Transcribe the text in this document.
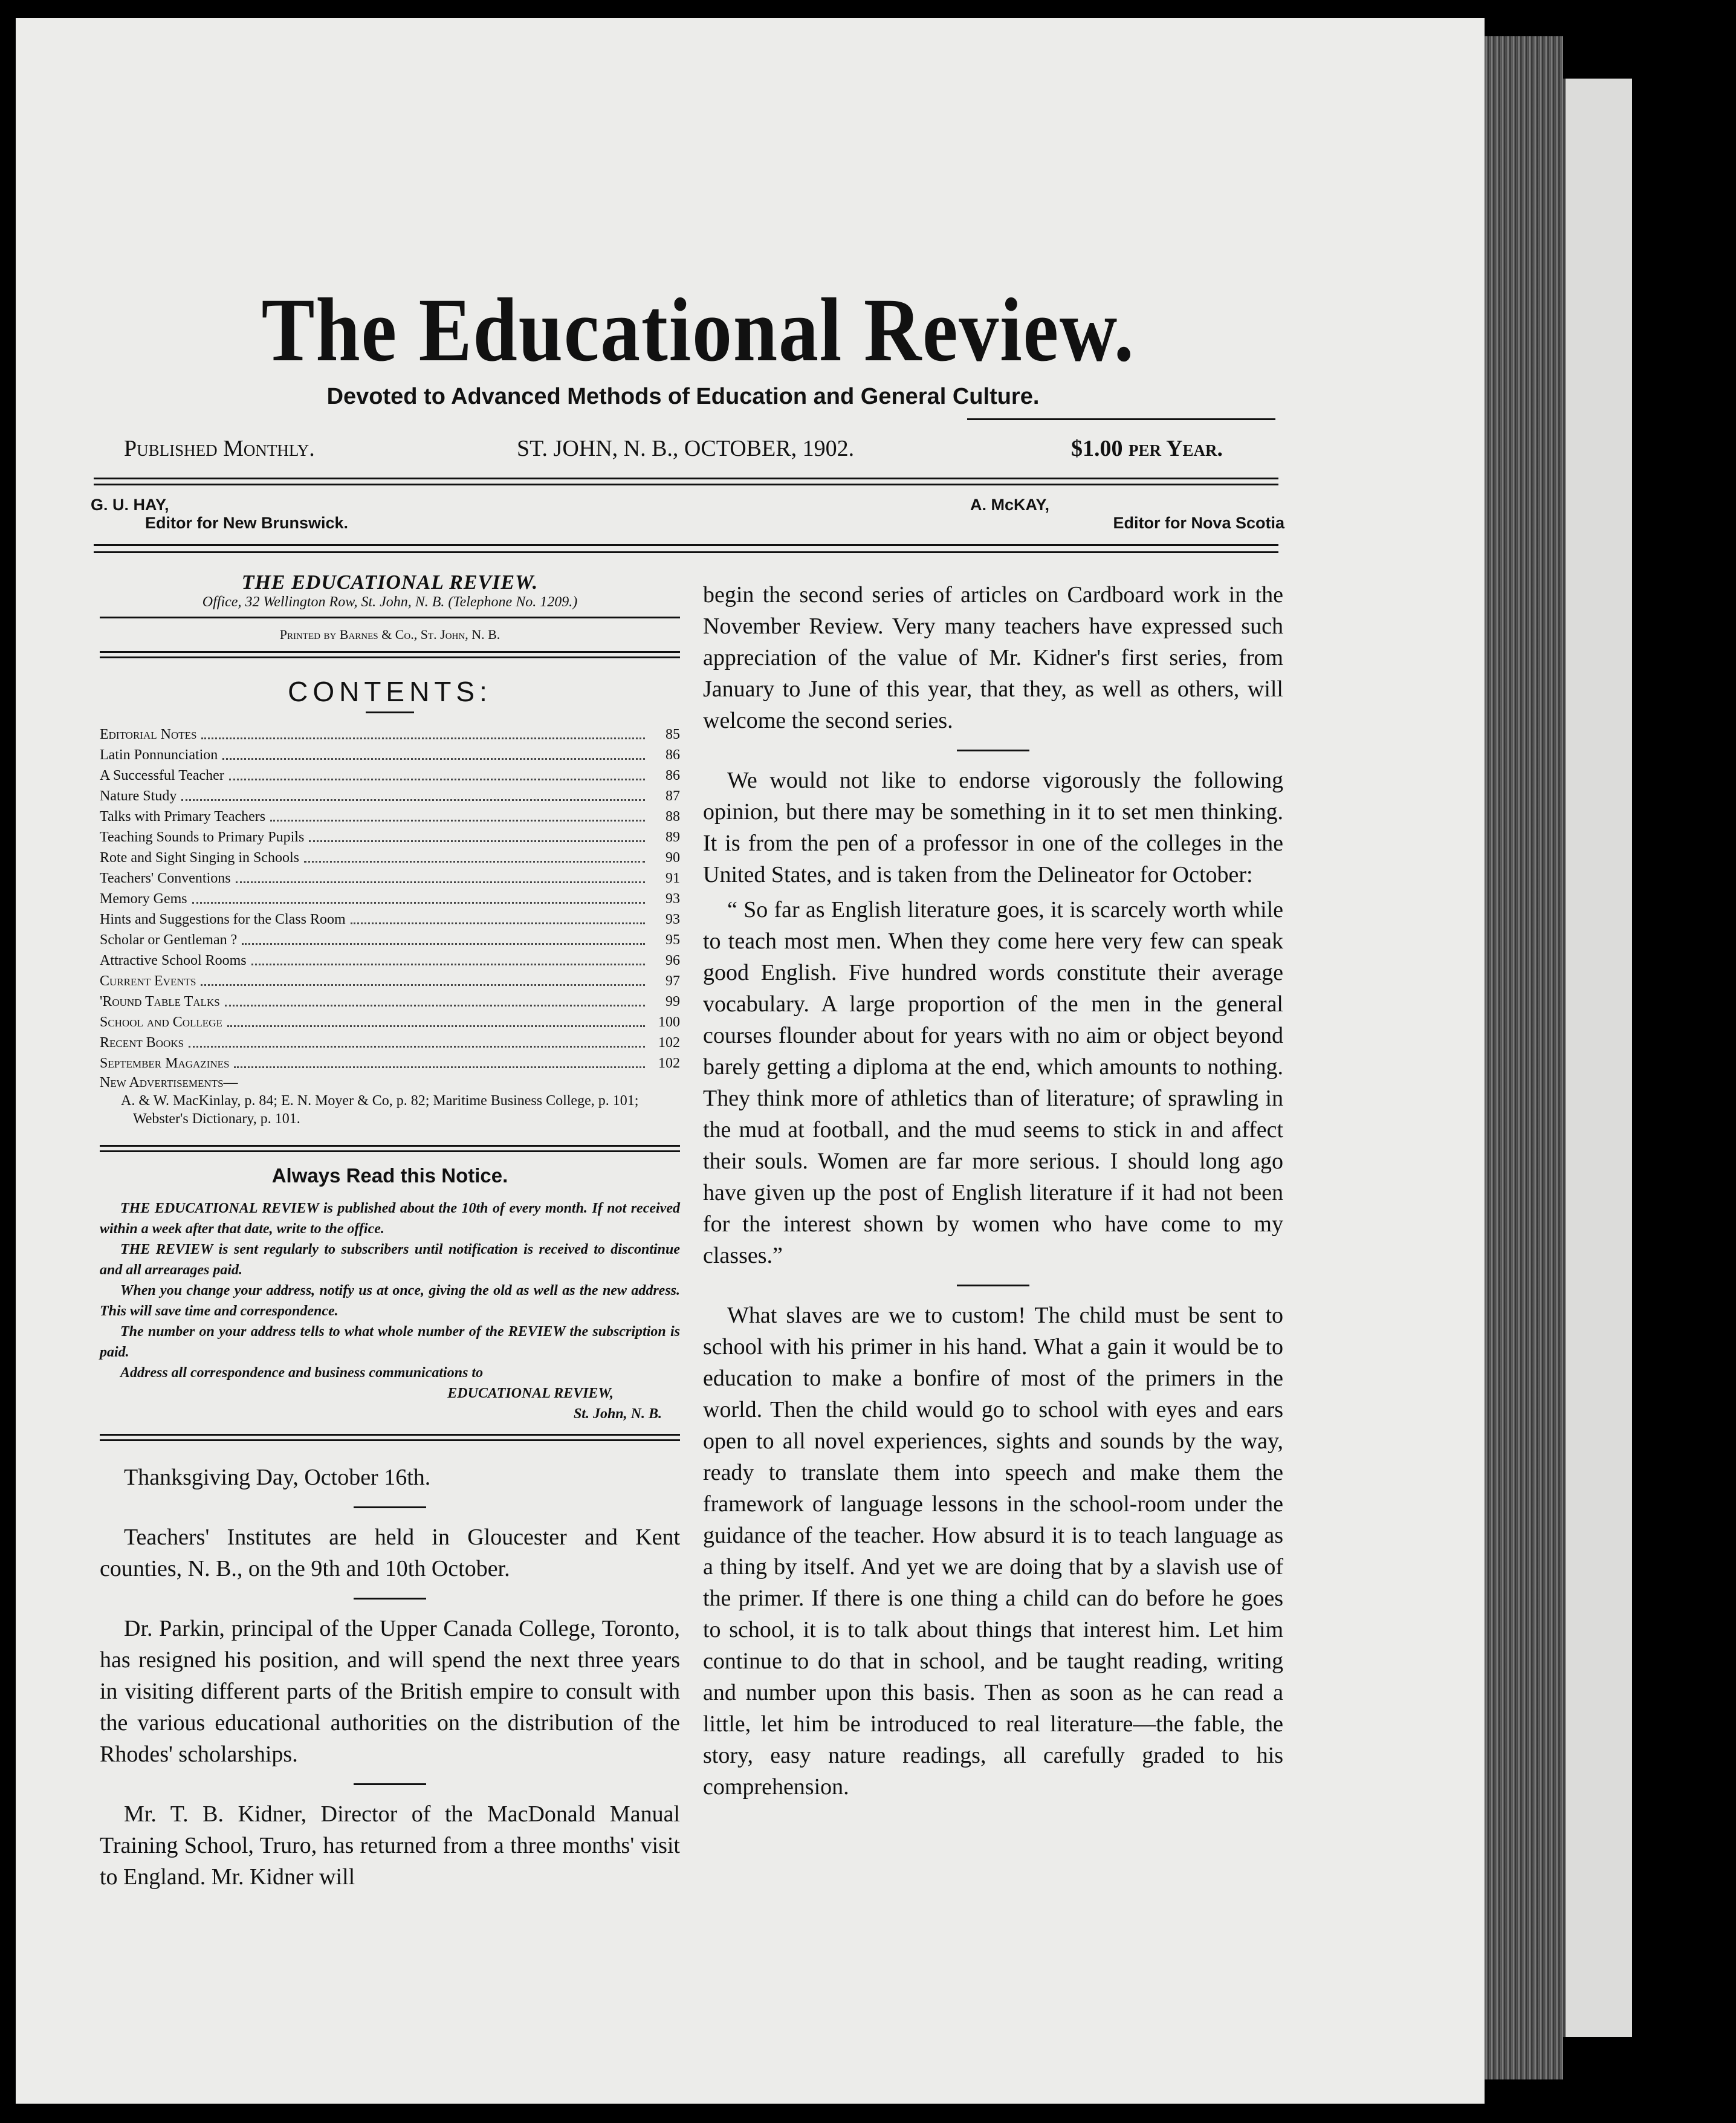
The Educational Review.
Devoted to Advanced Methods of Education and General Culture.
Published Monthly.	ST. JOHN, N. B., OCTOBER, 1902.	$1.00 per Year.
G. U. HAY,
Editor for New Brunswick.
A. McKAY,
Editor for Nova Scotia
THE EDUCATIONAL REVIEW.
Office, 32 Wellington Row, St. John, N. B. (Telephone No. 1209.)
Printed by Barnes & Co., St. John, N. B.
CONTENTS:
Editorial Notes	85
Latin Ponnunciation	86
A Successful Teacher	86
Nature Study	87
Talks with Primary Teachers	88
Teaching Sounds to Primary Pupils	89
Rote and Sight Singing in Schools	90
Teachers' Conventions	91
Memory Gems	93
Hints and Suggestions for the Class Room	93
Scholar or Gentleman ?	95
Attractive School Rooms	96
Current Events	97
'Round Table Talks	99
School and College	100
Recent Books	102
September Magazines	102
New Advertisements—
A. & W. MacKinlay, p. 84; E. N. Moyer & Co, p. 82; Maritime Business College, p. 101; Webster's Dictionary, p. 101.
Always Read this Notice.

THE EDUCATIONAL REVIEW is published about the 10th of every month. If not received within a week after that date, write to the office.

THE REVIEW is sent regularly to subscribers until notification is received to discontinue and all arrearages paid.

When you change your address, notify us at once, giving the old as well as the new address. This will save time and correspondence.

The number on your address tells to what whole number of the REVIEW the subscription is paid.

Address all correspondence and business communications to

EDUCATIONAL REVIEW,

St. John, N. B.

Thanksgiving Day, October 16th.

Teachers' Institutes are held in Gloucester and Kent counties, N. B., on the 9th and 10th October.

Dr. Parkin, principal of the Upper Canada College, Toronto, has resigned his position, and will spend the next three years in visiting different parts of the British empire to consult with the various educational authorities on the distribution of the Rhodes' scholarships.

Mr. T. B. Kidner, Director of the MacDonald Manual Training School, Truro, has returned from a three months' visit to England. Mr. Kidner will

begin the second series of articles on Cardboard work in the November Review. Very many teachers have expressed such appreciation of the value of Mr. Kidner's first series, from January to June of this year, that they, as well as others, will welcome the second series.

We would not like to endorse vigorously the following opinion, but there may be something in it to set men thinking. It is from the pen of a professor in one of the colleges in the United States, and is taken from the Delineator for October:

“ So far as English literature goes, it is scarcely worth while to teach most men. When they come here very few can speak good English. Five hundred words constitute their average vocabulary. A large proportion of the men in the general courses flounder about for years with no aim or object beyond barely getting a diploma at the end, which amounts to nothing. They think more of athletics than of literature; of sprawling in the mud at football, and the mud seems to stick in and affect their souls. Women are far more serious. I should long ago have given up the post of English literature if it had not been for the interest shown by women who have come to my classes.”

What slaves are we to custom! The child must be sent to school with his primer in his hand. What a gain it would be to education to make a bonfire of most of the primers in the world. Then the child would go to school with eyes and ears open to all novel experiences, sights and sounds by the way, ready to translate them into speech and make them the framework of language lessons in the school-room under the guidance of the teacher. How absurd it is to teach language as a thing by itself. And yet we are doing that by a slavish use of the primer. If there is one thing a child can do before he goes to school, it is to talk about things that interest him. Let him continue to do that in school, and be taught reading, writing and number upon this basis. Then as soon as he can read a little, let him be introduced to real literature—the fable, the story, easy nature readings, all carefully graded to his comprehension.
